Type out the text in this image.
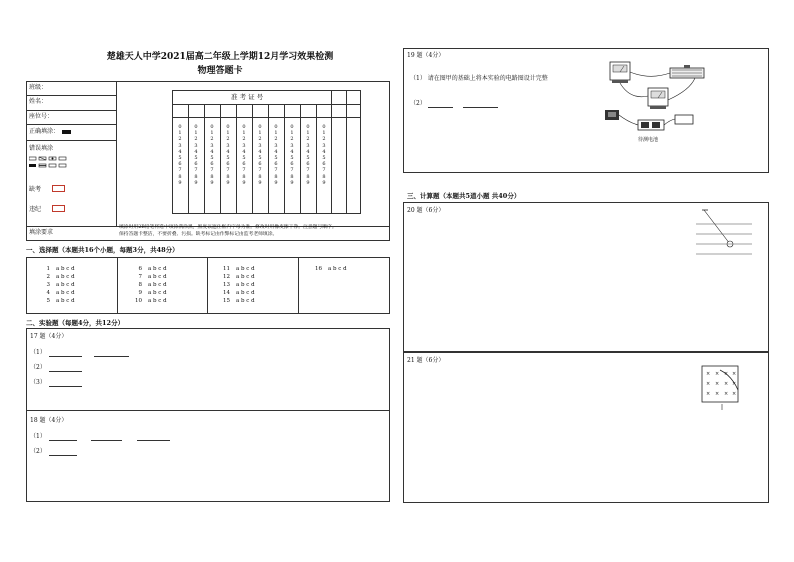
楚雄天人中学2021届高二年级上学期12月学习效果检测
物理答题卡
班级：
姓名：
座位号：
正确填涂：
错误填涂
缺考
违纪
填涂要求
填涂时用2B铅笔将选中项涂满涂黑，黑度以遮住框内字母为准。修改时用橡皮擦干净。注意题号顺序。
保持答题卡整洁，不要折叠、污损。缺考标记由作弊标记由监考老师填涂。
准 考 证 号
0
1
2
3
4
5
6
7
8
9
0
1
2
3
4
5
6
7
8
9
0
1
2
3
4
5
6
7
8
9
0
1
2
3
4
5
6
7
8
9
0
1
2
3
4
5
6
7
8
9
0
1
2
3
4
5
6
7
8
9
0
1
2
3
4
5
6
7
8
9
0
1
2
3
4
5
6
7
8
9
0
1
2
3
4
5
6
7
8
9
0
1
2
3
4
5
6
7
8
9
一、选择题（本题共16个小题，每题3分，共48分）
1 a b c d
2 a b c d
3 a b c d
4 a b c d
5 a b c d
6 a b c d
7 a b c d
8 a b c d
9 a b c d
10 a b c d
11 a b c d
12 a b c d
13 a b c d
14 a b c d
15 a b c d
16 a b c d
二、实验题（每题4分，共12分）
17 题（4分）
（1）
（2）
（3）
18 题（4分）
（1）
（2）
19 题（4分）
（1） 请在图甲的基础上将本实验的电路图设计完整
（2）
待测电池
三、计算题（本题共5道小题 共40分）
20 题（6分）
21 题（6分）
× × × ×
× × × ×
× × × ×
